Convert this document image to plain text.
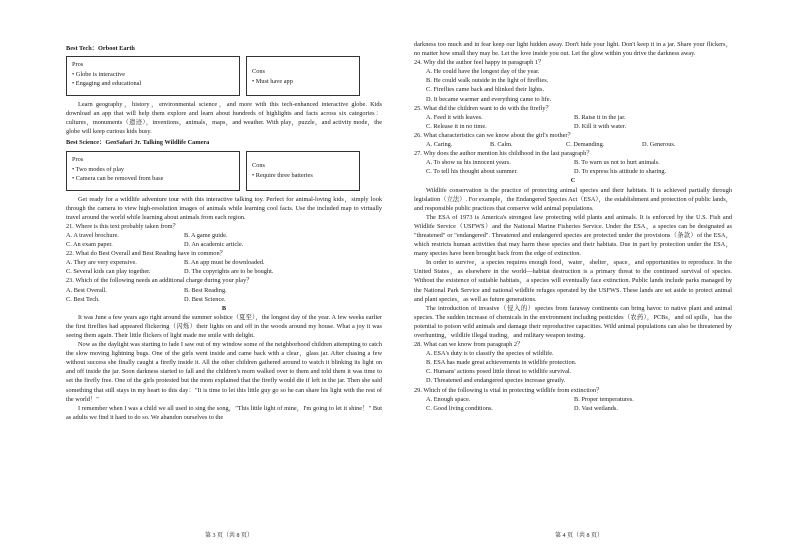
Best Tech：Orboot Earth

Pros
• Globe is interactive
• Engaging and educational
Cons
• Must have app

Learn geography，history，environmental science，and more with this tech-enhanced interactive globe. Kids download an app that will help them explore and learn about hundreds of highlights and facts across six categories：cultures，monuments（遗迹），inventions，animals，maps，and weather. With play，puzzle，and activity mode，the globe will keep curious kids busy.

Best Science：GeoSafari Jr. Talking Wildlife Camera

Pros
• Two modes of play
• Camera can be removed from base
Cons
• Require three batteries

Get ready for a wildlife adventure tour with this interactive talking toy. Perfect for animal-loving kids，simply look through the camera to view high-resolution images of animals while learning cool facts. Use the included map to virtually travel around the world while learning about animals from each region.

21. Where is this text probably taken from？

A. A travel brochure.	B. A game guide.
C. An exam paper.	D. An academic article.

22. What do Best Overall and Best Reading have in common？

A. They are very expensive.	B. An app must be downloaded.
C. Several kids can play together.	D. The copyrights are to be bought.

23. Which of the following needs an additional charge during your play？

A. Best Overall.	B. Best Reading.
C. Best Tech.	D. Best Science.

B

It was June a few years ago right around the summer solstice（夏至），the longest day of the year. A few weeks earlier the first fireflies had appeared flickering（闪烁）their lights on and off in the woods around my house. What a joy it was seeing them again. Their little flickers of light made me smile with delight.

Now as the daylight was starting to fade I saw out of my window some of the neighborhood children attempting to catch the slow moving lightning bugs. One of the girls went inside and came back with a clear，glass jar. After chasing a few without success she finally caught a firefly inside it. All the other children gathered around to watch it blinking its light on and off inside the jar. Soon darkness started to fall and the children's mom walked over to them and told them it was time to set the firefly free. One of the girls protested but the mom explained that the firefly would die if left in the jar. Then she said something that still stays in my heart to this day："It is time to let this little guy go so he can share his light with the rest of the world！"

I remember when I was a child we all used to sing the song，"This little light of mine，I'm going to let it shine！" But as adults we find it hard to do so. We abandon ourselves to the

darkness too much and in fear keep our light hidden away. Don't hide your light. Don't keep it in a jar. Share your flickers，no matter how small they may be. Let the love inside you out. Let the glow within you drive the darkness away.

24. Why did the author feel happy in paragraph 1？

A. He could have the longest day of the year.

B. He could walk outside in the light of fireflies.

C. Fireflies came back and blinked their lights.

D. It became warmer and everything came to life.

25. What did the children want to do with the firefly？

A. Feed it with leaves.	B. Raise it in the jar.
C. Release it in no time.	D. Kill it with water.

26. What characteristics can we know about the girl's mother？

A. Caring.	B. Calm.	C. Demanding.	D. Generous.

27. Why does the author mention his childhood in the last paragraph？

A. To show us his innocent years.	B. To warn us not to hurt animals.
C. To tell his thought about summer.	D. To express his attitude to sharing.

C

Wildlife conservation is the practice of protecting animal species and their habitats. It is achieved partially through legislation（立法）. For example，the Endangered Species Act（ESA），the establishment and protection of public lands，and responsible public practices that conserve wild animal populations.

The ESA of 1973 is America's strongest law protecting wild plants and animals. It is enforced by the U.S. Fish and Wildlife Service（USFWS）and the National Marine Fisheries Service. Under the ESA，a species can be designated as "threatened" or "endangered". Threatened and endangered species are protected under the provisions（条款）of the ESA，which restricts human activities that may harm these species and their habitats. Due in part by protection under the ESA，many species have been brought back from the edge of extinction.

In order to survive，a species requires enough food，water，shelter，space，and opportunities to reproduce. In the United States，as elsewhere in the world—habitat destruction is a primary threat to the continued survival of species. Without the existence of suitable habitats，a species will eventually face extinction. Public lands include parks managed by the National Park Service and national wildlife refuges operated by the USFWS. These lands are set aside to protect animal and plant species，as well as future generations.

The introduction of invasive（侵入的）species from faraway continents can bring havoc to native plant and animal species. The sudden increase of chemicals in the environment including pesticides（农药），PCBs，and oil spills，has the potential to poison wild animals and damage their reproductive capacities. Wild animal populations can also be threatened by overhunting，wildlife illegal trading，and military weapon testing.

28. What can we know from paragraph 2？

A. ESA's duty is to classify the species of wildlife.

B. ESA has made great achievements in wildlife protection.

C. Humans' actions posed little threat to wildlife survival.

D. Threatened and endangered species increase greatly.

29. Which of the following is vital in protecting wildlife from extinction？

A. Enough space.	B. Proper temperatures.
C. Good living conditions.	D. Vast wetlands.
第 3 页（共 8 页）	第 4 页（共 8 页）
